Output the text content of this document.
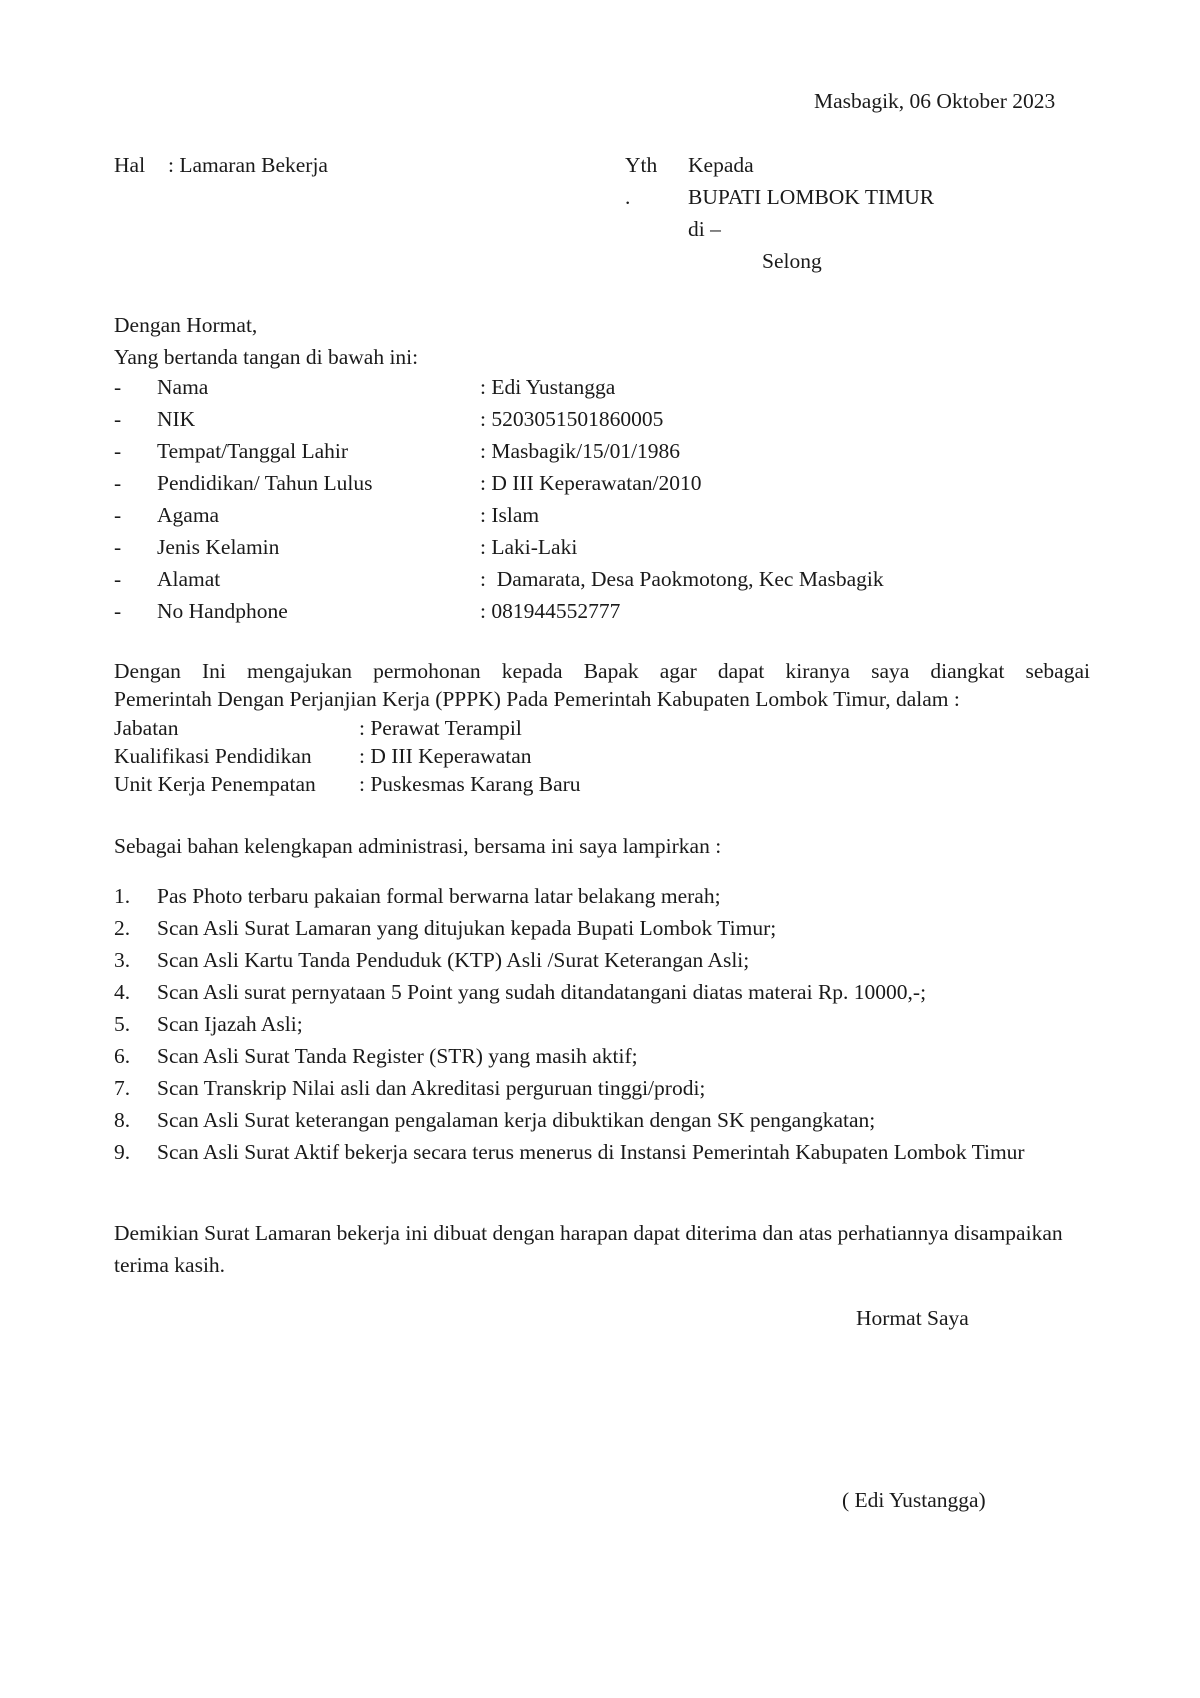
Masbagik, 06 Oktober 2023
Hal : Lamaran Bekerja	Yth Kepada
.	BUPATI LOMBOK TIMUR
di –
Selong
Dengan Hormat,
Yang bertanda tangan di bawah ini:
- Nama	: Edi Yustangga
- NIK	: 5203051501860005
- Tempat/Tanggal Lahir	: Masbagik/15/01/1986
- Pendidikan/ Tahun Lulus	: D III Keperawatan/2010
- Agama	: Islam
- Jenis Kelamin	: Laki-Laki
- Alamat	:  Damarata, Desa Paokmotong, Kec Masbagik
- No Handphone	: 081944552777
Dengan Ini mengajukan permohonan kepada Bapak agar dapat kiranya saya diangkat sebagai
Pemerintah Dengan Perjanjian Kerja (PPPK) Pada Pemerintah Kabupaten Lombok Timur, dalam :
Jabatan	: Perawat Terampil
Kualifikasi Pendidikan : D III Keperawatan
Unit Kerja Penempatan : Puskesmas Karang Baru
Sebagai bahan kelengkapan administrasi, bersama ini saya lampirkan :
1.	Pas Photo terbaru pakaian formal berwarna latar belakang merah;
2.	Scan Asli Surat Lamaran yang ditujukan kepada Bupati Lombok Timur;
3.	Scan Asli Kartu Tanda Penduduk (KTP) Asli /Surat Keterangan Asli;
4.	Scan Asli surat pernyataan 5 Point yang sudah ditandatangani diatas materai Rp. 10000,-;
5.	Scan Ijazah Asli;
6.	Scan Asli Surat Tanda Register (STR) yang masih aktif;
7.	Scan Transkrip Nilai asli dan Akreditasi perguruan tinggi/prodi;
8.	Scan Asli Surat keterangan pengalaman kerja dibuktikan dengan SK pengangkatan;
9.	Scan Asli Surat Aktif bekerja secara terus menerus di Instansi Pemerintah Kabupaten Lombok Timur
Demikian Surat Lamaran bekerja ini dibuat dengan harapan dapat diterima dan atas perhatiannya disampaikan terima kasih.
Hormat Saya
( Edi Yustangga)
